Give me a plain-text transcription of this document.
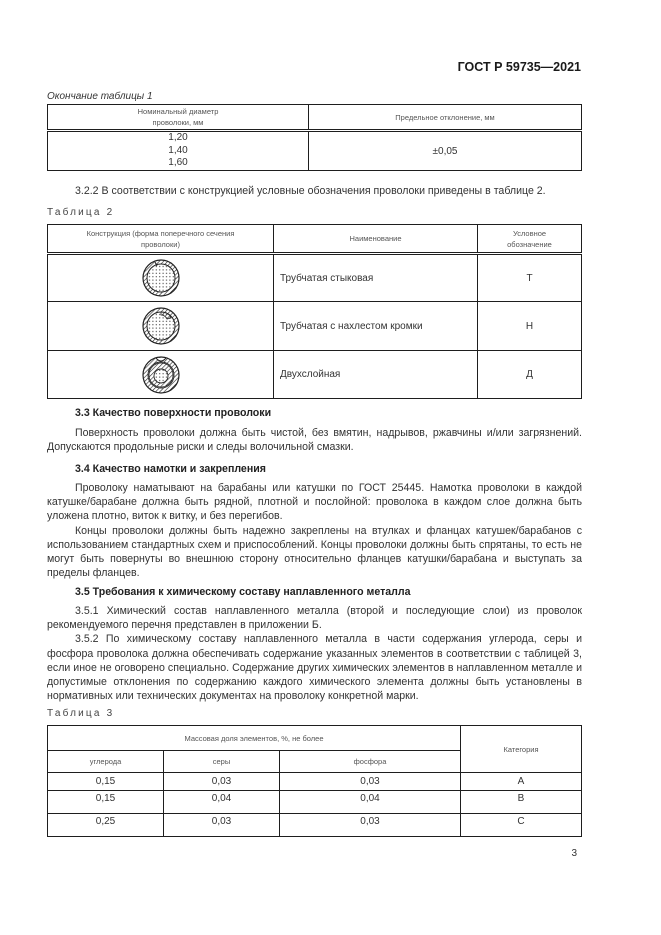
ГОСТ Р 59735—2021
Окончание таблицы 1
Номинальный диаметр
проволоки, мм	Предельное отклонение, мм

1,20
1,40
1,60	±0,05

3.2.2 В соответствии с конструкцией условные обозначения проволоки приведены в таблице 2.

Таблица 2
Конструкция (форма поперечного сечения
проволоки)	Наименование	Условное
обозначение

	Трубчатая стыковая	Т

	Трубчатая с нахлестом кромки	Н

	Двухслойная	Д
3.3 Качество поверхности проволоки

Поверхность проволоки должна быть чистой, без вмятин, надрывов, ржавчины и/или загрязнений. Допускаются продольные риски и следы волочильной смазки.

3.4 Качество намотки и закрепления

Проволоку наматывают на барабаны или катушки по ГОСТ 25445. Намотка проволоки в каждой катушке/барабане должна быть рядной, плотной и послойной: проволока в каждом слое должна быть уложена плотно, виток к витку, и без перегибов.

Концы проволоки должны быть надежно закреплены на втулках и фланцах катушек/барабанов с использованием стандартных схем и приспособлений. Концы проволоки должны быть спрятаны, то есть не могут быть повернуты во внешнюю сторону относительно фланцев катушки/барабана и выступать за пределы фланцев.

3.5 Требования к химическому составу наплавленного металла

3.5.1 Химический состав наплавленного металла (второй и последующие слои) из проволок рекомендуемого перечня представлен в приложении Б.

3.5.2 По химическому составу наплавленного металла в части содержания углерода, серы и фосфора проволока должна обеспечивать содержание указанных элементов в соответствии с таблицей 3, если иное не оговорено специально. Содержание других химических элементов в наплавленном металле и допустимые отклонения по содержанию каждого химического элемента должны быть установлены в нормативных или технических документах на проволоку конкретной марки.

Таблица 3
Массовая доля элементов, %, не более			Категория
углерода	серы	фосфора	
0,15	0,03	0,03	A
0,15	0,04	0,04	B
0,25	0,03	0,03	C
3
